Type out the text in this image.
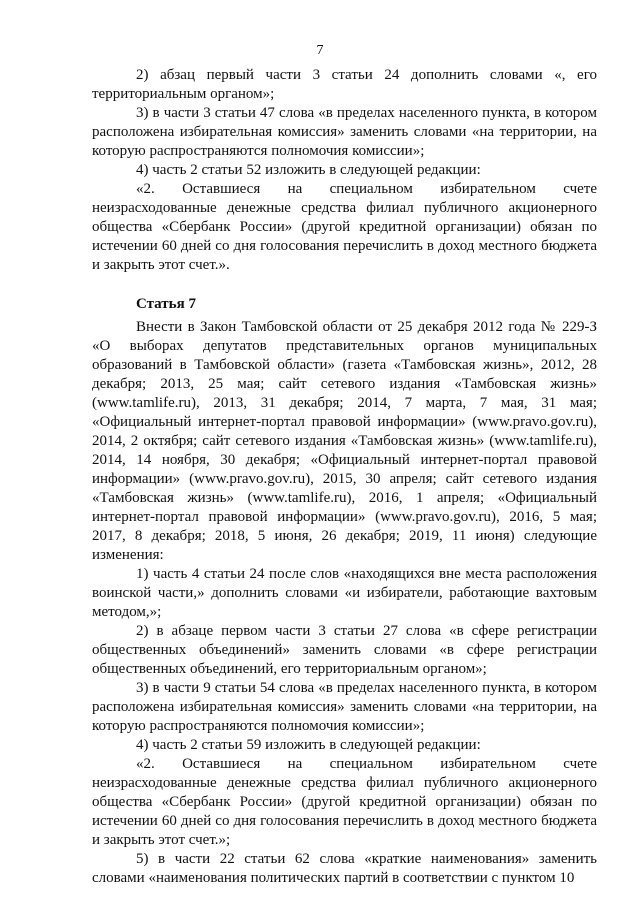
7

2) абзац первый части 3 статьи 24 дополнить словами «, его территориальным органом»;

3) в части 3 статьи 47 слова «в пределах населенного пункта, в котором расположена избирательная комиссия» заменить словами «на территории, на которую распространяются полномочия комиссии»;

4) часть 2 статьи 52 изложить в следующей редакции:

«2. Оставшиеся на специальном избирательном счете неизрасходованные денежные средства филиал публичного акционерного общества «Сбербанк России» (другой кредитной организации) обязан по истечении 60 дней со дня голосования перечислить в доход местного бюджета и закрыть этот счет.».

Статья 7

Внести в Закон Тамбовской области от 25 декабря 2012 года № 229-З «О выборах депутатов представительных органов муниципальных образований в Тамбовской области» (газета «Тамбовская жизнь», 2012, 28 декабря; 2013, 25 мая; сайт сетевого издания «Тамбовская жизнь» (www.tamlife.ru), 2013, 31 декабря; 2014, 7 марта, 7 мая, 31 мая; «Официальный интернет-портал правовой информации» (www.pravo.gov.ru), 2014, 2 октября; сайт сетевого издания «Тамбовская жизнь» (www.tamlife.ru), 2014, 14 ноября, 30 декабря; «Официальный интернет-портал правовой информации» (www.pravo.gov.ru), 2015, 30 апреля; сайт сетевого издания «Тамбовская жизнь» (www.tamlife.ru), 2016, 1 апреля; «Официальный интернет-портал правовой информации» (www.pravo.gov.ru), 2016, 5 мая; 2017, 8 декабря; 2018, 5 июня, 26 декабря; 2019, 11 июня) следующие изменения:

1) часть 4 статьи 24 после слов «находящихся вне места расположения воинской части,» дополнить словами «и избиратели, работающие вахтовым методом,»;

2) в абзаце первом части 3 статьи 27 слова «в сфере регистрации общественных объединений» заменить словами «в сфере регистрации общественных объединений, его территориальным органом»;

3) в части 9 статьи 54 слова «в пределах населенного пункта, в котором расположена избирательная комиссия» заменить словами «на территории, на которую распространяются полномочия комиссии»;

4) часть 2 статьи 59 изложить в следующей редакции:

«2. Оставшиеся на специальном избирательном счете неизрасходованные денежные средства филиал публичного акционерного общества «Сбербанк России» (другой кредитной организации) обязан по истечении 60 дней со дня голосования перечислить в доход местного бюджета и закрыть этот счет.»;

5) в части 22 статьи 62 слова «краткие наименования» заменить словами «наименования политических партий в соответствии с пунктом 10
